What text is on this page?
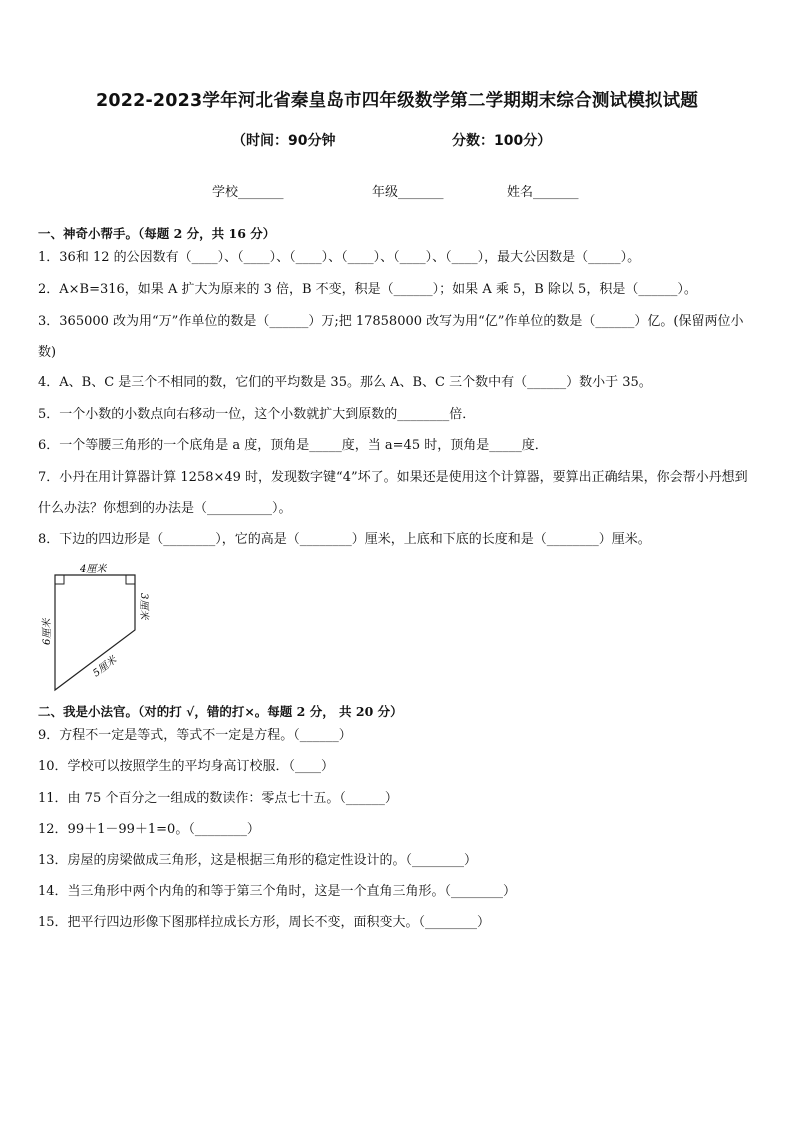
2022-2023学年河北省秦皇岛市四年级数学第二学期期末综合测试模拟试题
（时间：90分钟	分数：100分）
学校_______	年级_______	姓名_______
一、神奇小帮手。（每题 2 分，共 16 分）
1．36和 12 的公因数有（____）、（____）、（____）、（____）、（____）、（____），最大公因数是（_____）。
2．A×B=316，如果 A 扩大为原来的 3 倍，B 不变，积是（______）；如果 A 乘 5，B 除以 5，积是（______）。
3．365000 改为用“万”作单位的数是（______）万;把 17858000 改写为用“亿”作单位的数是（______）亿。(保留两位小数)
4．A、B、C 是三个不相同的数，它们的平均数是 35。那么 A、B、C 三个数中有（______）数小于 35。
5．一个小数的小数点向右移动一位，这个小数就扩大到原数的________倍．
6．一个等腰三角形的一个底角是 a 度，顶角是_____度，当 a=45 时，顶角是_____度．
7．小丹在用计算器计算 1258×49 时，发现数字键“4”坏了。如果还是使用这个计算器，要算出正确结果，你会帮小丹想到什么办法？你想到的办法是（__________）。
8．下边的四边形是（________），它的高是（________）厘米，上底和下底的长度和是（________）厘米。
4厘米
3厘米
6厘米
5厘米
二、我是小法官。（对的打 √，错的打×。每题 2 分， 共 20 分）
9．方程不一定是等式，等式不一定是方程。（______）
10．学校可以按照学生的平均身高订校服．（____）
11．由 75 个百分之一组成的数读作：零点七十五。（______）
12．99＋1－99＋1=0。（________）
13．房屋的房梁做成三角形，这是根据三角形的稳定性设计的。（________）
14．当三角形中两个内角的和等于第三个角时，这是一个直角三角形。（________）
15．把平行四边形像下图那样拉成长方形，周长不变，面积变大。（________）
